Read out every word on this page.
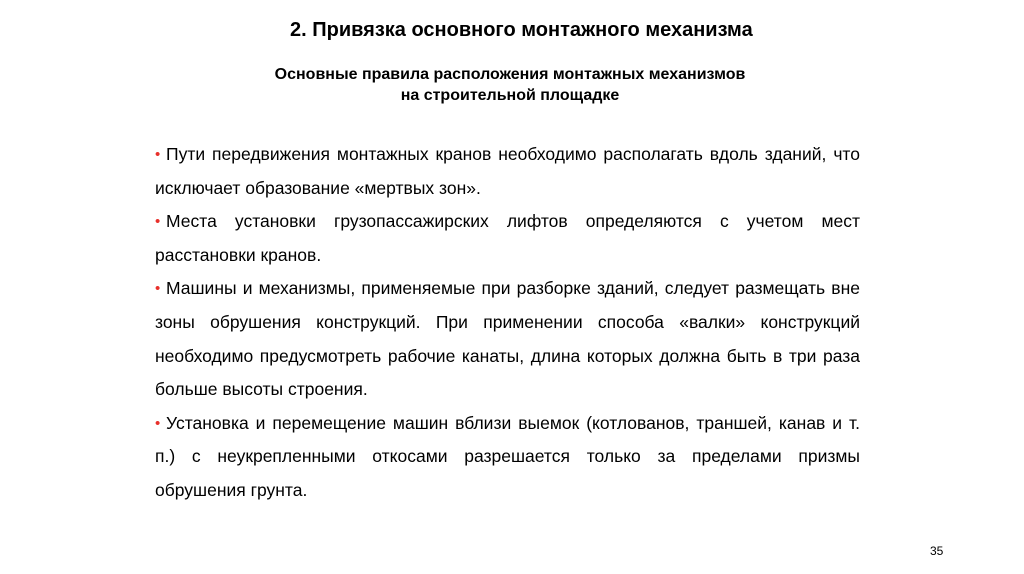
2. Привязка основного монтажного механизма
Основные правила расположения монтажных механизмов
на строительной площадке
• Пути передвижения монтажных кранов необходимо располагать вдоль зданий, что исключает образование «мертвых зон».
• Места установки грузопассажирских лифтов определяются с учетом мест расстановки кранов.
• Машины и механизмы, применяемые при разборке зданий, следует размещать вне зоны обрушения конструкций. При применении способа «валки» конструкций необходимо предусмотреть рабочие канаты, длина которых должна быть в три раза больше высоты строения.
• Установка и перемещение машин вблизи выемок (котлованов, траншей, канав и т. п.) с неукрепленными откосами разрешается только за пределами призмы обрушения грунта.
35
